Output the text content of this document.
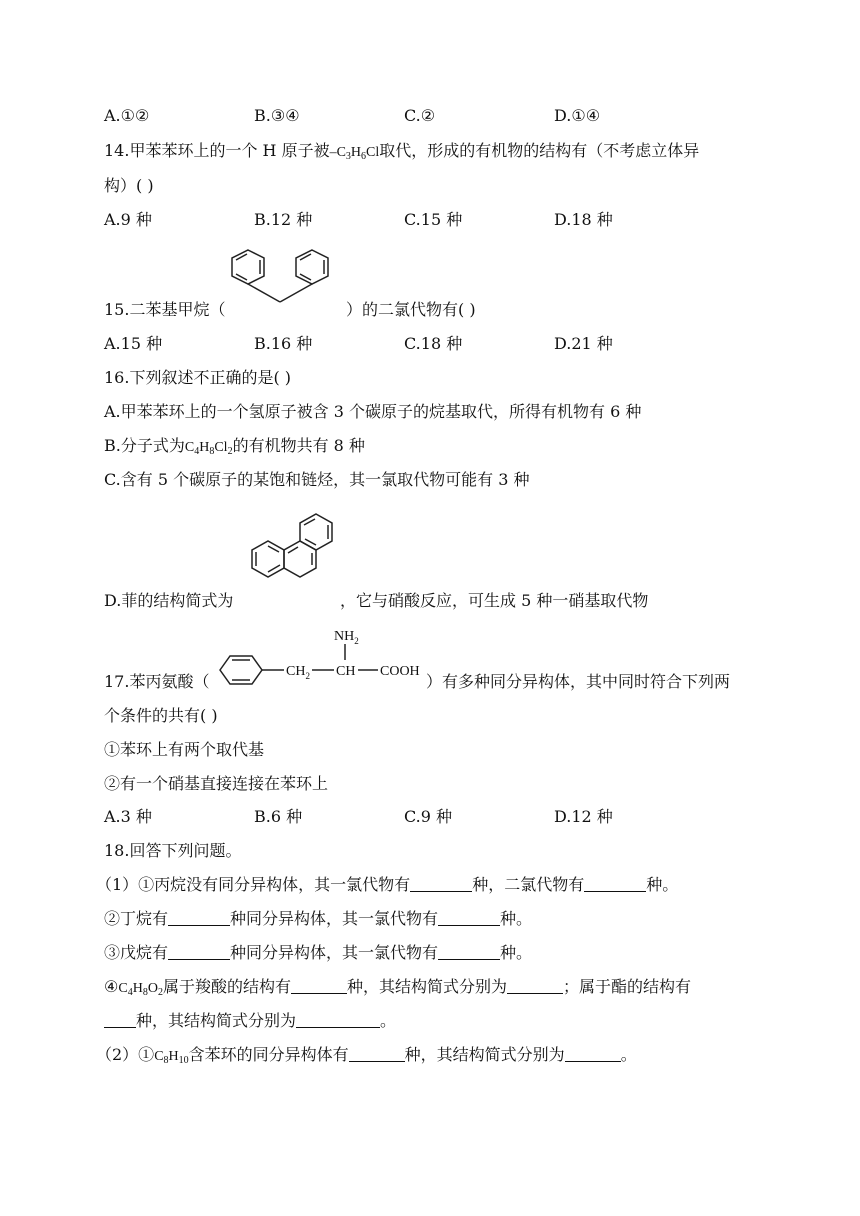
A.①②	B.③④	C.②	D.①④
14.甲苯苯环上的一个 H 原子被$-C_3H_6Cl$取代，形成的有机物的结构有（不考虑立体异
构）( )
A.9 种	B.12 种	C.15 种	D.18 种
15.二苯基甲烷（	）的二氯代物有( )
A.15 种	B.16 种	C.18 种	D.21 种
16.下列叙述不正确的是( )
A.甲苯苯环上的一个氢原子被含 3 个碳原子的烷基取代，所得有机物有 6 种
B.分子式为$C_4H_8Cl_2$的有机物共有 8 种
C.含有 5 个碳原子的某饱和链烃，其一氯取代物可能有 3 种
D.菲的结构简式为	，它与硝酸反应，可生成 5 种一硝基取代物
17.苯丙氨酸（
$CH_2$ CH
$NH_2$
COOH
）有多种同分异构体，其中同时符合下列两
个条件的共有( )
①苯环上有两个取代基
②有一个硝基直接连接在苯环上
A.3 种	B.6 种	C.9 种	D.12 种
18.回答下列问题。
（1）①丙烷没有同分异构体，其一氯代物有	种，二氯代物有	种。
②丁烷有	种同分异构体，其一氯代物有	种。
③戊烷有	种同分异构体，其一氯代物有	种。
$④C_4H_8O_2$属于羧酸的结构有	种，其结构简式分别为	；属于酯的结构有
种，其结构简式分别为	。
$(2)①C_8H_{10}$含苯环的同分异构体有	种，其结构简式分别为	。
